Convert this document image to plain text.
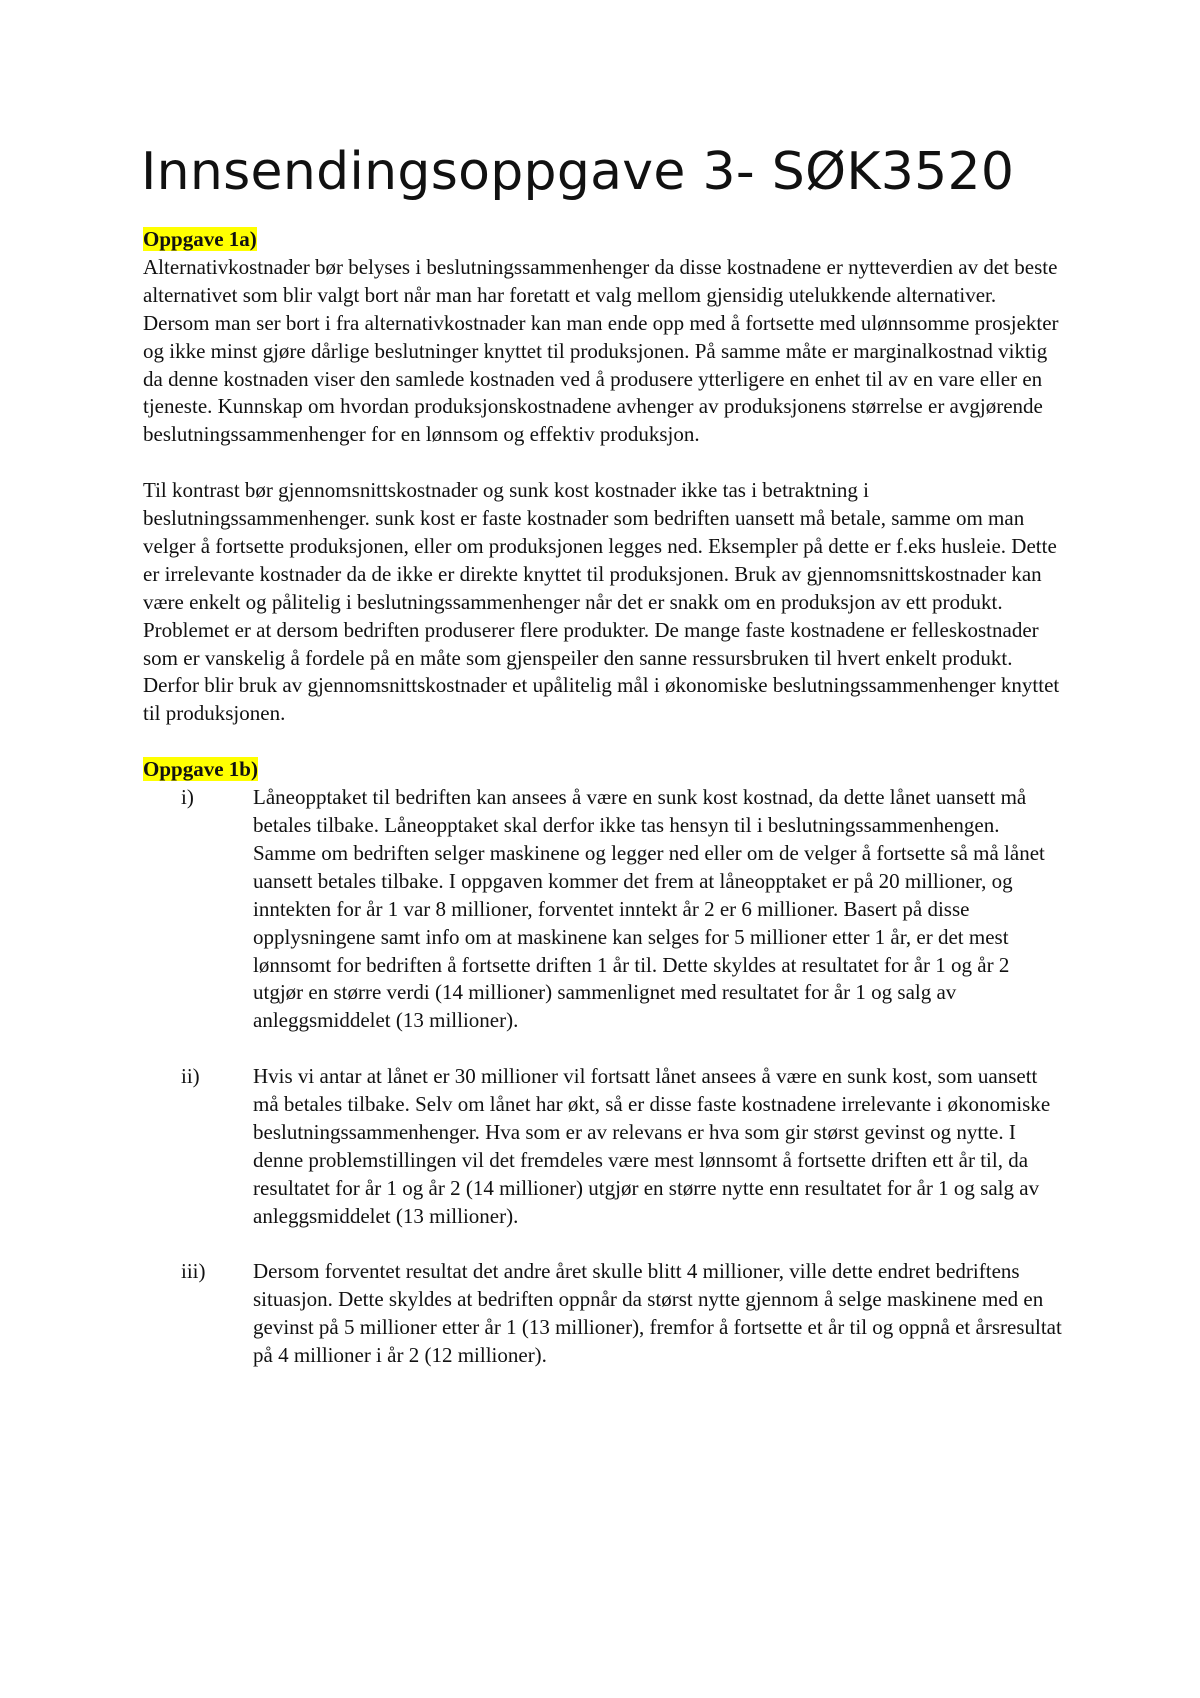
Innsendingsoppgave 3- SØK3520

Oppgave 1a)

Alternativkostnader bør belyses i beslutningssammenhenger da disse kostnadene er nytteverdien av det beste alternativet som blir valgt bort når man har foretatt et valg mellom gjensidig utelukkende alternativer. Dersom man ser bort i fra alternativkostnader kan man ende opp med å fortsette med ulønnsomme prosjekter og ikke minst gjøre dårlige beslutninger knyttet til produksjonen. På samme måte er marginalkostnad viktig da denne kostnaden viser den samlede kostnaden ved å produsere ytterligere en enhet til av en vare eller en tjeneste. Kunnskap om hvordan produksjonskostnadene avhenger av produksjonens størrelse er avgjørende beslutningssammenhenger for en lønnsom og effektiv produksjon.

Til kontrast bør gjennomsnittskostnader og sunk kost kostnader ikke tas i betraktning i beslutningssammenhenger. sunk kost er faste kostnader som bedriften uansett må betale, samme om man velger å fortsette produksjonen, eller om produksjonen legges ned. Eksempler på dette er f.eks husleie. Dette er irrelevante kostnader da de ikke er direkte knyttet til produksjonen. Bruk av gjennomsnittskostnader kan være enkelt og pålitelig i beslutningssammenhenger når det er snakk om en produksjon av ett produkt. Problemet er at dersom bedriften produserer flere produkter. De mange faste kostnadene er felleskostnader som er vanskelig å fordele på en måte som gjenspeiler den sanne ressursbruken til hvert enkelt produkt. Derfor blir bruk av gjennomsnittskostnader et upålitelig mål i økonomiske beslutningssammenhenger knyttet til produksjonen.

Oppgave 1b)

i)	Låneopptaket til bedriften kan ansees å være en sunk kost kostnad, da dette lånet uansett må betales tilbake. Låneopptaket skal derfor ikke tas hensyn til i beslutningssammenhengen. Samme om bedriften selger maskinene og legger ned eller om de velger å fortsette så må lånet uansett betales tilbake. I oppgaven kommer det frem at låneopptaket er på 20 millioner, og inntekten for år 1 var 8 millioner, forventet inntekt år 2 er 6 millioner. Basert på disse opplysningene samt info om at maskinene kan selges for 5 millioner etter 1 år, er det mest lønnsomt for bedriften å fortsette driften 1 år til. Dette skyldes at resultatet for år 1 og år 2 utgjør en større verdi (14 millioner) sammenlignet med resultatet for år 1 og salg av anleggsmiddelet (13 millioner).
ii)	Hvis vi antar at lånet er 30 millioner vil fortsatt lånet ansees å være en sunk kost, som uansett må betales tilbake. Selv om lånet har økt, så er disse faste kostnadene irrelevante i økonomiske beslutningssammenhenger. Hva som er av relevans er hva som gir størst gevinst og nytte. I denne problemstillingen vil det fremdeles være mest lønnsomt å fortsette driften ett år til, da resultatet for år 1 og år 2 (14 millioner) utgjør en større nytte enn resultatet for år 1 og salg av anleggsmiddelet (13 millioner).
iii)	Dersom forventet resultat det andre året skulle blitt 4 millioner, ville dette endret bedriftens situasjon. Dette skyldes at bedriften oppnår da størst nytte gjennom å selge maskinene med en gevinst på 5 millioner etter år 1 (13 millioner), fremfor å fortsette et år til og oppnå et årsresultat på 4 millioner i år 2 (12 millioner).
